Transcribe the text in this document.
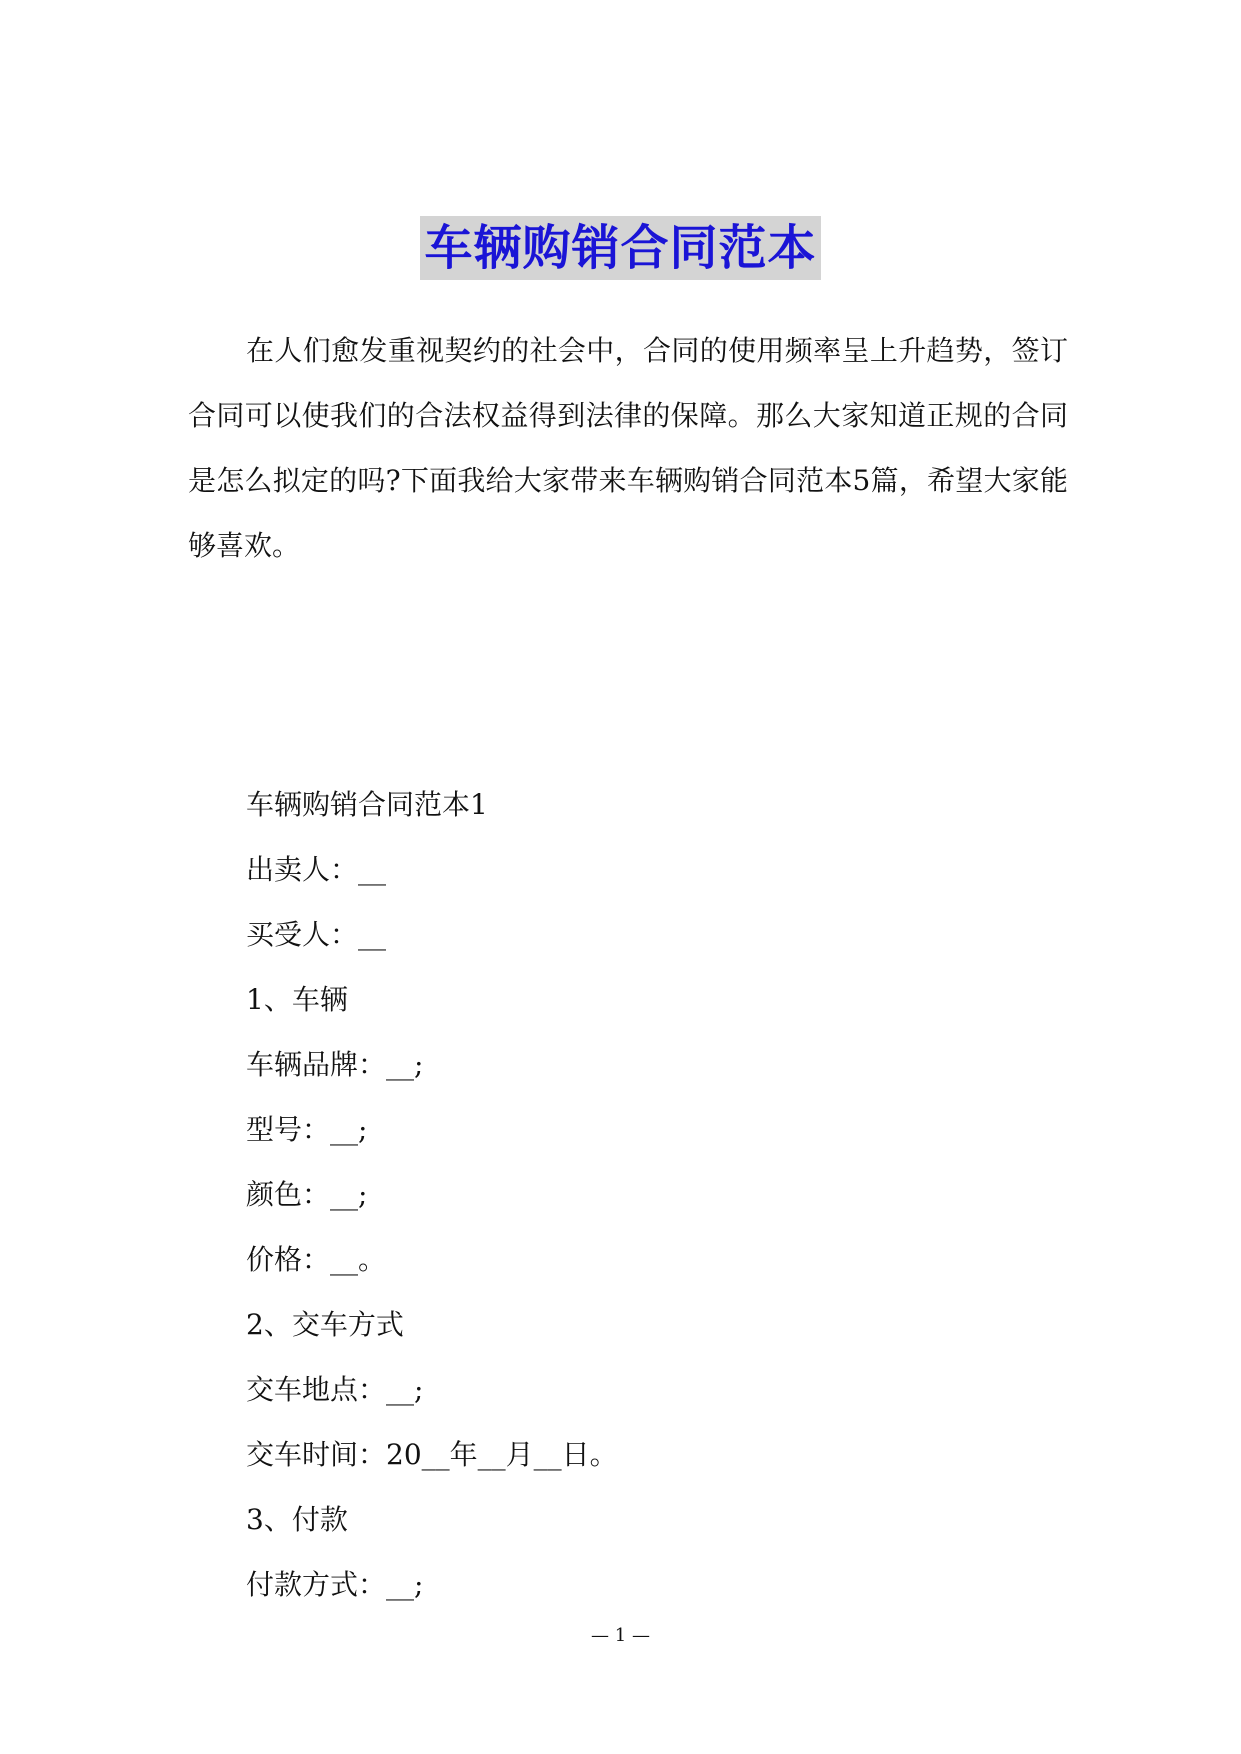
车辆购销合同范本

在人们愈发重视契约的社会中，合同的使用频率呈上升趋势，签订合同可以使我们的合法权益得到法律的保障。那么大家知道正规的合同是怎么拟定的吗?下面我给大家带来车辆购销合同范本5篇，希望大家能够喜欢。

车辆购销合同范本1
出卖人：__
买受人：__
1、车辆
车辆品牌：__;
型号：__;
颜色：__;
价格：__。
2、交车方式
交车地点：__;
交车时间：20__年__月__日。
3、付款
付款方式：__;
— 1 —
